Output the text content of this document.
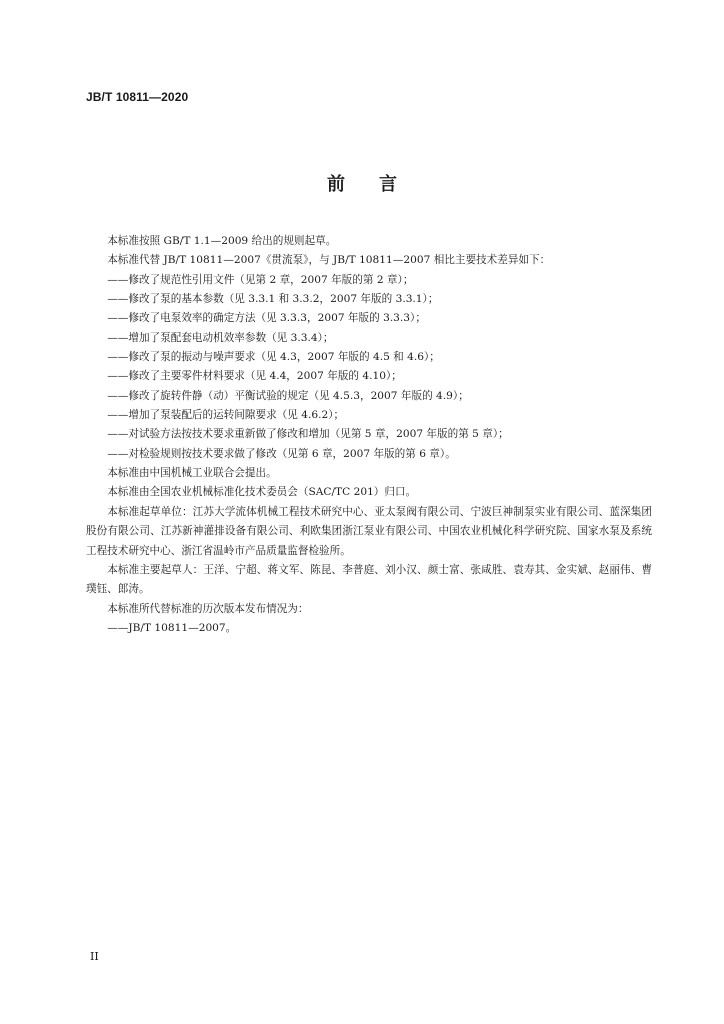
JB/T 10811—2020
前 言

本标准按照 GB/T 1.1—2009 给出的规则起草。

本标准代替 JB/T 10811—2007《贯流泵》，与 JB/T 10811—2007 相比主要技术差异如下：

——修改了规范性引用文件（见第 2 章，2007 年版的第 2 章）；

——修改了泵的基本参数（见 3.3.1 和 3.3.2，2007 年版的 3.3.1）；

——修改了电泵效率的确定方法（见 3.3.3，2007 年版的 3.3.3）；

——增加了泵配套电动机效率参数（见 3.3.4）；

——修改了泵的振动与噪声要求（见 4.3，2007 年版的 4.5 和 4.6）；

——修改了主要零件材料要求（见 4.4，2007 年版的 4.10）；

——修改了旋转件静（动）平衡试验的规定（见 4.5.3，2007 年版的 4.9）；

——增加了泵装配后的运转间隙要求（见 4.6.2）；

——对试验方法按技术要求重新做了修改和增加（见第 5 章，2007 年版的第 5 章）；

——对检验规则按技术要求做了修改（见第 6 章，2007 年版的第 6 章）。

本标准由中国机械工业联合会提出。

本标准由全国农业机械标准化技术委员会（SAC/TC 201）归口。

本标准起草单位：江苏大学流体机械工程技术研究中心、亚太泵阀有限公司、宁波巨神制泵实业有限公司、蓝深集团股份有限公司、江苏新神灌排设备有限公司、利欧集团浙江泵业有限公司、中国农业机械化科学研究院、国家水泵及系统工程技术研究中心、浙江省温岭市产品质量监督检验所。

本标准主要起草人：王洋、宁超、蒋文军、陈昆、李普庭、刘小汉、颜士富、张咸胜、袁寿其、金实斌、赵丽伟、曹璞钰、郎涛。

本标准所代替标准的历次版本发布情况为：

——JB/T 10811—2007。

II
